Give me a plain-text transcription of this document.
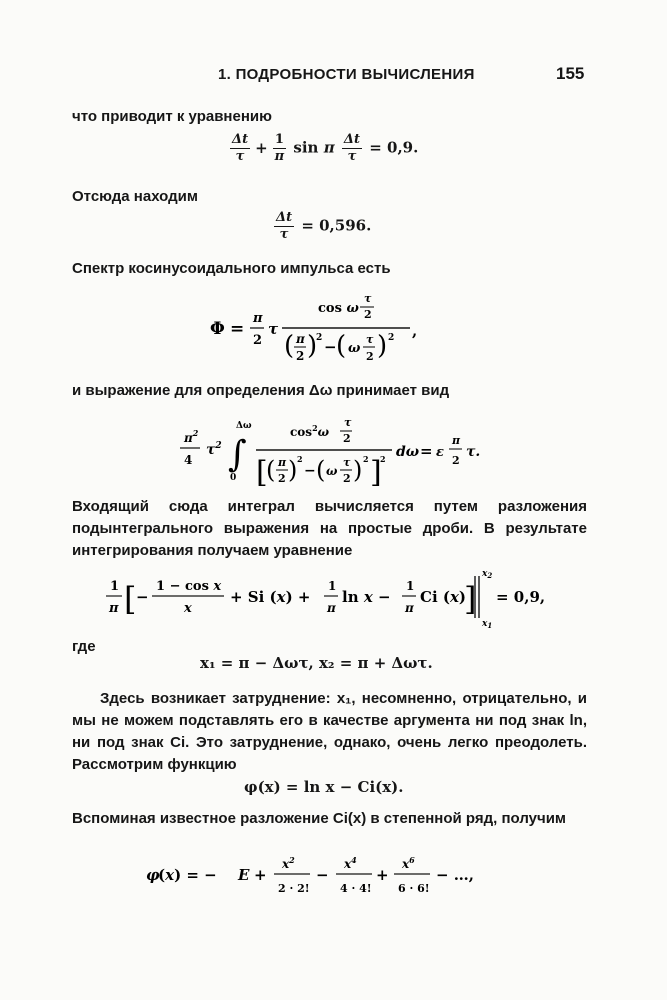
1. ПОДРОБНОСТИ ВЫЧИСЛЕНИЯ	155
что приводит к уравнению
$\frac{\Delta t}{\tau} + \frac{1}{\pi}$ sin π $\frac{\Delta t}{\tau} = 0,9$.
Отсюда находим
$\frac{\Delta t}{\tau} = 0,596$.
Спектр косинусоидального импульса есть
Φ =
π
2
τ
cos ω
τ
2
( π
2 )
2 − ( ω
τ
2 ) 2 ,
и выражение для определения Δω принимает вид
$\pi^2$
4
$\tau^2$ ∫
Δω
0
$\cos^2\omega$
τ
2
[
( π
2 ) 2
− ( ω
τ
2 ) 2 ]
2 dω = ε
π
2
τ.
Входящий сюда интеграл вычисляется путем разложения подынтегрального выражения на простые дроби. В результате интегрирования получаем уравнение
1
π [ −
1 − cos x
x
+ Si (x) +
1
π
ln x −
1
π
Ci (x)
]
$x_2$
$x_1$
= 0,9,
где
x₁ = π − Δωτ, x₂ = π + Δωτ.
Здесь возникает затруднение: x₁, несомненно, отрицательно, и мы не можем подставлять его в качестве аргумента ни под знак ln, ни под знак Ci. Это затруднение, однако, очень легко преодолеть. Рассмотрим функцию
φ(x) = ln x − Ci(x).
Вспоминая известное разложение Ci(x) в степенной ряд, получим
φ
(x) = − E +
$x^2$
2 · 2!
−
$x^4$
4 · 4!
+
$x^6$
6 · 6!
− …,
